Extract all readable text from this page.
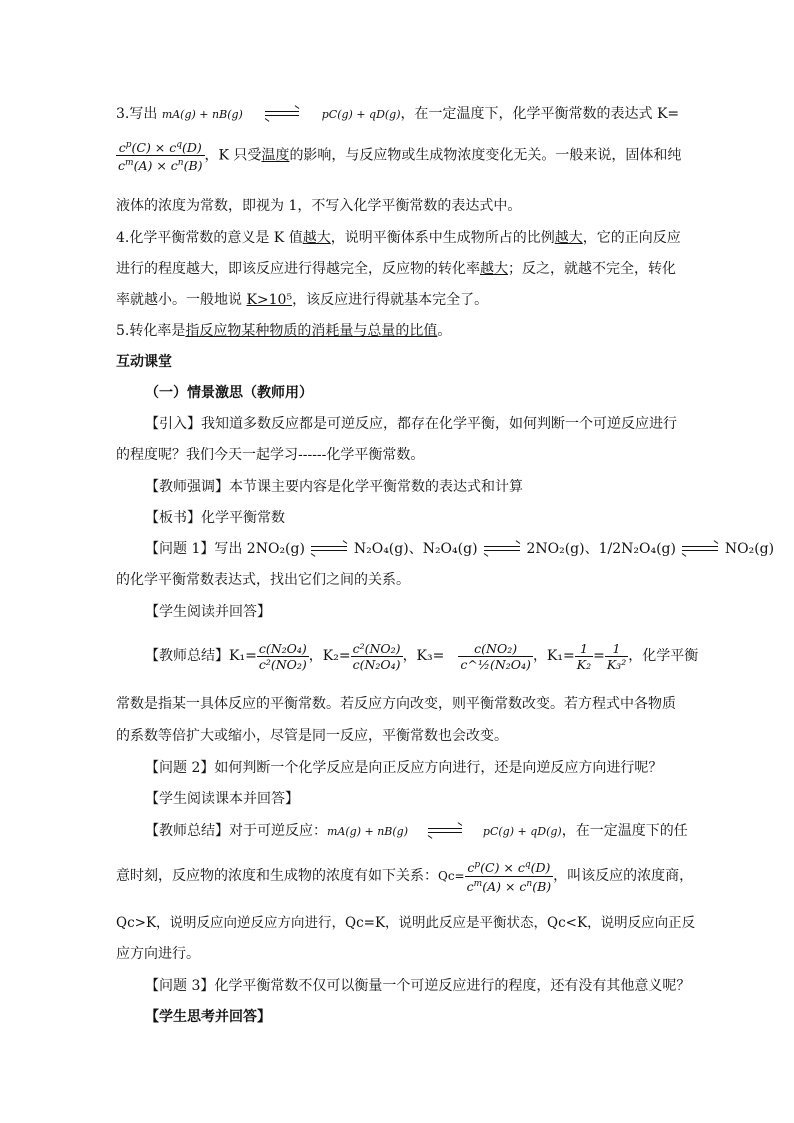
3.写出 mA(g) + nB(g)	pC(g) + qD(g)，在一定温度下，化学平衡常数的表达式 K=
$\frac{c^p(C) \times c^q(D)}{c^m(A) \times c^n(B)}$ ，K 只受温度的影响，与反应物或生成物浓度变化无关。一般来说，固体和纯
液体的浓度为常数，即视为 1，不写入化学平衡常数的表达式中。
4.化学平衡常数的意义是 K 值越大，说明平衡体系中生成物所占的比例越大，它的正向反应
进行的程度越大，即该反应进行得越完全，反应物的转化率越大；反之，就越不完全，转化
率就越小。一般地说 K>10⁵，该反应进行得就基本完全了。
5.转化率是指反应物某种物质的消耗量与总量的比值。
互动课堂
（一）情景激思（教师用）
【引入】我知道多数反应都是可逆反应，都存在化学平衡，如何判断一个可逆反应进行
的程度呢？我们今天一起学习------化学平衡常数。
【教师强调】本节课主要内容是化学平衡常数的表达式和计算
【板书】化学平衡常数
【问题 1】写出 2NO₂(g)	N₂O₄(g)、N₂O₄(g)	2NO₂(g)、1/2N₂O₄(g)	NO₂(g)
的化学平衡常数表达式，找出它们之间的关系。
【学生阅读并回答】
【教师总结】 $K_1= \frac{\text{c(N₂O₄)}}{\text{c²(NO₂)}}$ ，$K_2= \frac{\text{c²(NO₂)}}{\text{c(N₂O₄)}}$ ，$K_3= \frac{\text{c(NO₂)}}{\text{c\textasciicircum{}½(N₂O₄)}}$ ，$K_1= \frac{1}{\text{K₂}} = \frac{1}{\text{K₃²}}$ ，化学平衡
常数是指某一具体反应的平衡常数。若反应方向改变，则平衡常数改变。若方程式中各物质
的系数等倍扩大或缩小，尽管是同一反应，平衡常数也会改变。
【问题 2】如何判断一个化学反应是向正反应方向进行，还是向逆反应方向进行呢？
【学生阅读课本并回答】
【教师总结】对于可逆反应：mA(g) + nB(g)	pC(g) + qD(g)，在一定温度下的任
意时刻，反应物的浓度和生成物的浓度有如下关系： $Qc= \frac{c^p(C) \times c^q(D)}{c^m(A) \times c^n(B)}$ ，叫该反应的浓度商，
Qc>K，说明反应向逆反应方向进行，Qc=K，说明此反应是平衡状态，Qc<K，说明反应向正反
应方向进行。
【问题 3】化学平衡常数不仅可以衡量一个可逆反应进行的程度，还有没有其他意义呢？
【学生思考并回答】
